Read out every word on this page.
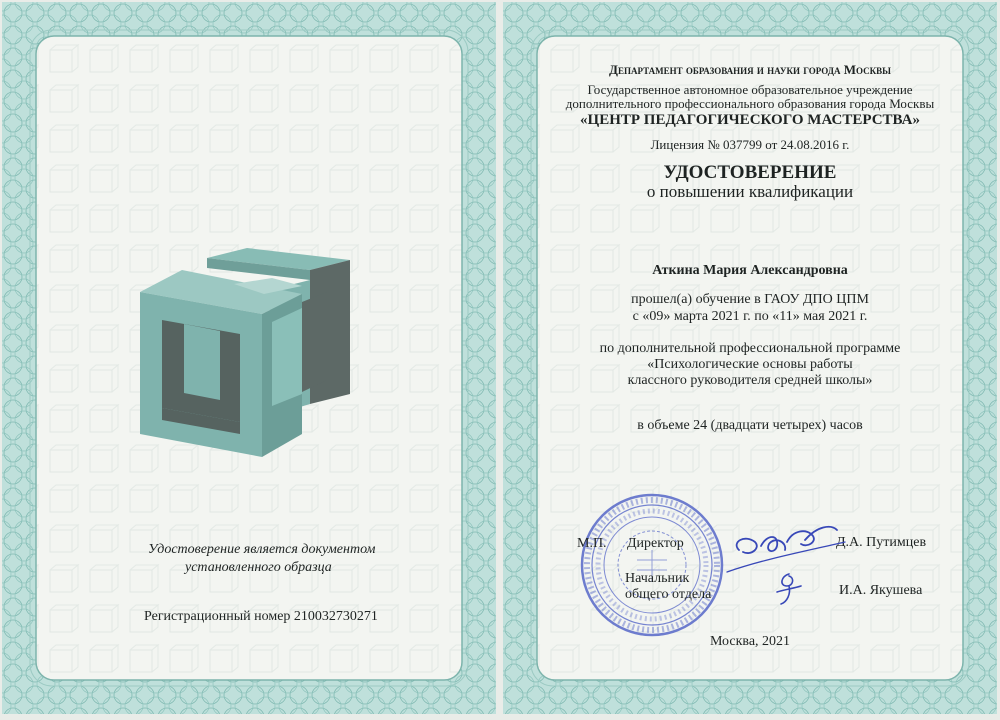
Удостоверение является документом
установленного образца
Регистрационный номер 210032730271
Департамент образования и науки города Москвы
Государственное автономное образовательное учреждение
дополнительного профессионального образования города Москвы
«ЦЕНТР ПЕДАГОГИЧЕСКОГО МАСТЕРСТВА»
Лицензия № 037799 от 24.08.2016 г.
УДОСТОВЕРЕНИЕ
о повышении квалификации
Аткина Мария Александровна
прошел(а) обучение в ГАОУ ДПО ЦПМ
с «09» марта 2021 г. по «11» мая 2021 г.
по дополнительной профессиональной программе
«Психологические основы работы
классного руководителя средней школы»
в объеме 24 (двадцати четырех) часов
М.П. Директор	Д.А. Путимцев
Начальник
общего отдела	И.А. Якушева
Москва, 2021
